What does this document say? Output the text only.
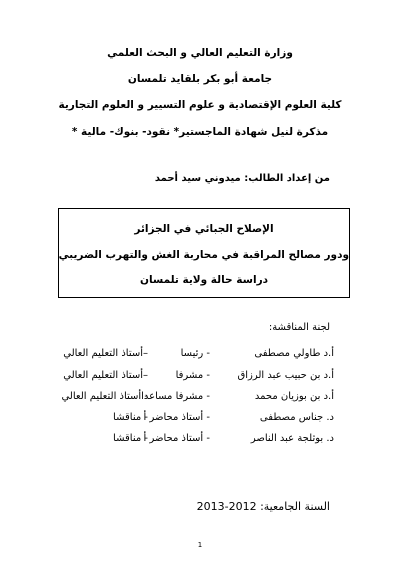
وزارة التعليم العالي و البحث العلمي
جامعة أبو بكر بلقايد تلمسان
كلية العلوم الإقتصادية و علوم التسيير و العلوم التجارية
مذكرة لنيل شهادة الماجستير* نقود- بنوك- مالية *
من إعداد الطالب: ميدوني سيد أحمد
الإصلاح الجبائي في الجزائر
ودور مصالح المراقبة في محاربة الغش والتهرب الضريبي
دراسة حالة ولاية تلمسان
لجنة المناقشة:
أ.د طاولي مصطفى
- رئيسا
–أستاذ التعليم العالي
أ.د بن حبيب عبد الرزاق
- مشرفا
–أستاذ التعليم العالي
أ.د بن بوزيان محمد
- مشرفا مساعدا
- أستاذ التعليم العالي
د. جناس مصطفى
- أستاذ محاضر أ
- مناقشا
د. بوثلجة عبد الناصر
- أستاذ محاضر أ
- مناقشا
السنة الجامعية: 2012-2013
1
